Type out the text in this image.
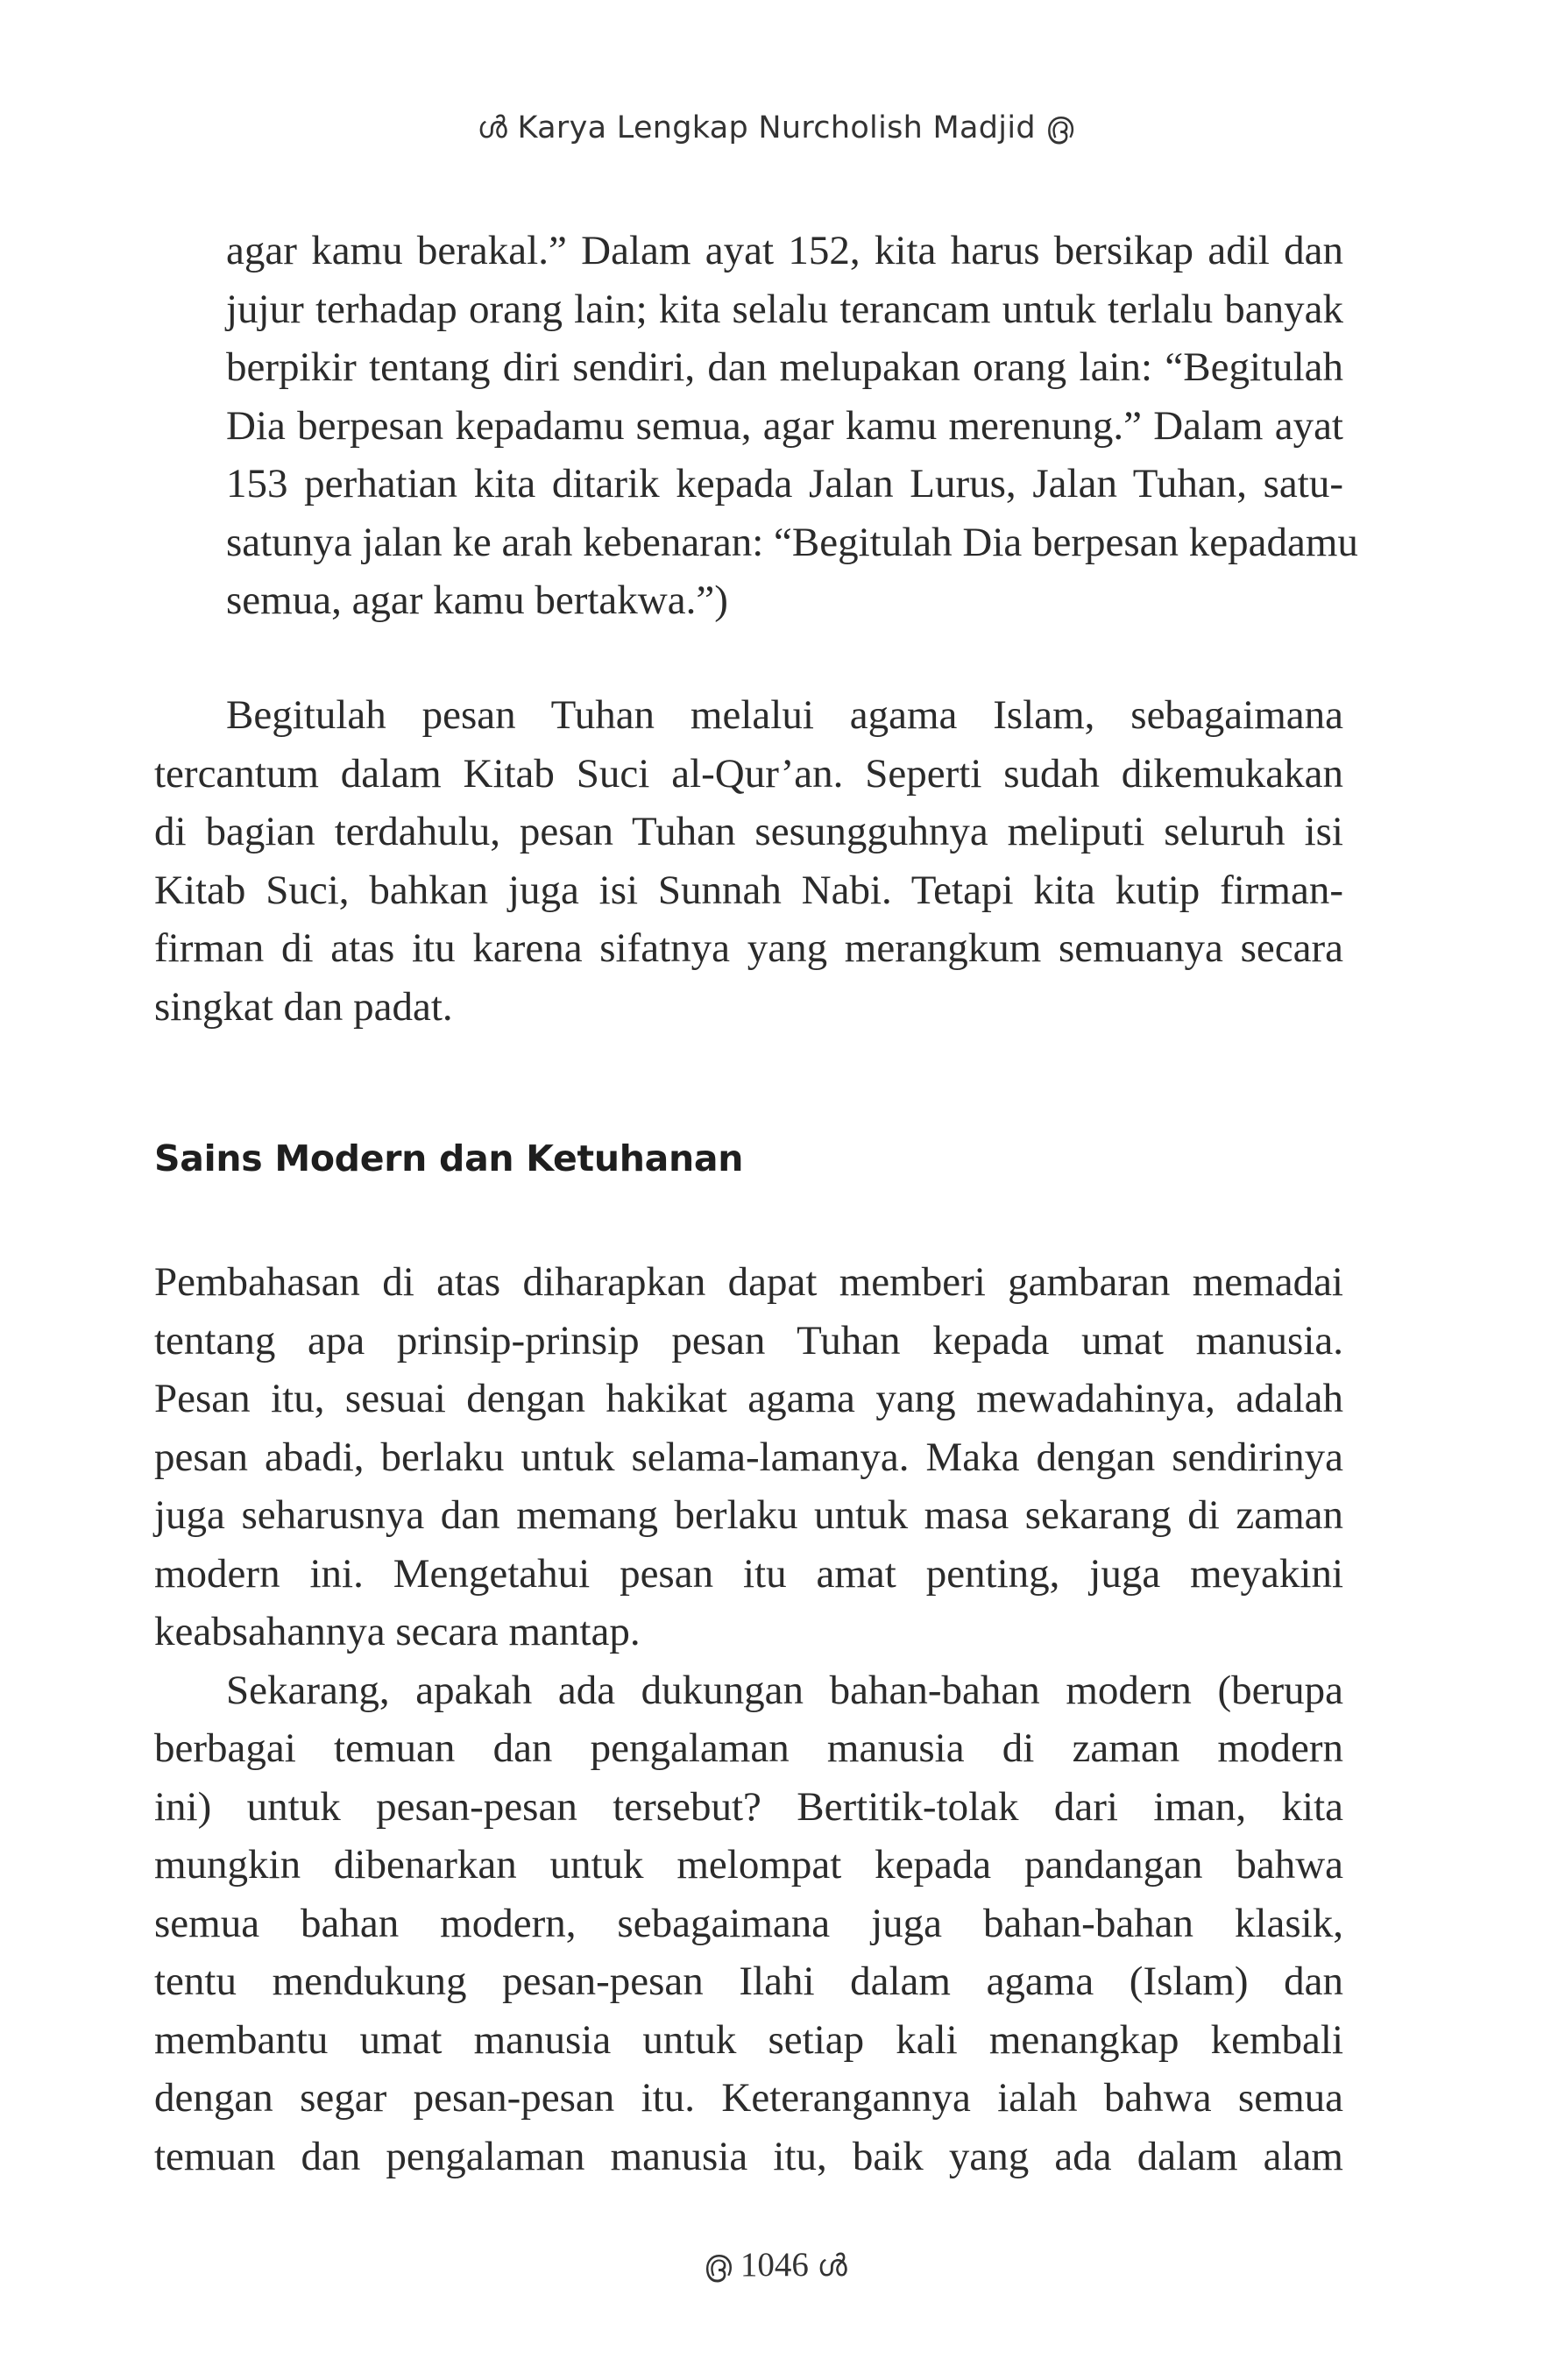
ൾ Karya Lengkap Nurcholish Madjid ൫
agar kamu berakal.” Dalam ayat 152, kita harus bersikap adil dan
jujur terhadap orang lain; kita selalu terancam untuk terlalu banyak
berpikir tentang diri sendiri, dan melupakan orang lain: “Begitulah
Dia berpesan kepadamu semua, agar kamu merenung.” Dalam ayat
153 perhatian kita ditarik kepada Jalan Lurus, Jalan Tuhan, satu-
satunya jalan ke arah kebenaran: “Begitulah Dia berpesan kepadamu
semua, agar kamu bertakwa.”)
Begitulah pesan Tuhan melalui agama Islam, sebagaimana
tercantum dalam Kitab Suci al-Qur’an. Seperti sudah dikemukakan
di bagian terdahulu, pesan Tuhan sesungguhnya meliputi seluruh isi
Kitab Suci, bahkan juga isi Sunnah Nabi. Tetapi kita kutip firman-
firman di atas itu karena sifatnya yang merangkum semuanya secara
singkat dan padat.
Sains Modern dan Ketuhanan
Pembahasan di atas diharapkan dapat memberi gambaran memadai
tentang apa prinsip-prinsip pesan Tuhan kepada umat manusia.
Pesan itu, sesuai dengan hakikat agama yang mewadahinya, adalah
pesan abadi, berlaku untuk selama-lamanya. Maka dengan sendirinya
juga seharusnya dan memang berlaku untuk masa sekarang di zaman
modern ini. Mengetahui pesan itu amat penting, juga meyakini
keabsahannya secara mantap.
Sekarang, apakah ada dukungan bahan-bahan modern (berupa
berbagai temuan dan pengalaman manusia di zaman modern
ini) untuk pesan-pesan tersebut? Bertitik-tolak dari iman, kita
mungkin dibenarkan untuk melompat kepada pandangan bahwa
semua bahan modern, sebagaimana juga bahan-bahan klasik,
tentu mendukung pesan-pesan Ilahi dalam agama (Islam) dan
membantu umat manusia untuk setiap kali menangkap kembali
dengan segar pesan-pesan itu. Keterangannya ialah bahwa semua
temuan dan pengalaman manusia itu, baik yang ada dalam alam
൫ 1046 ൾ
